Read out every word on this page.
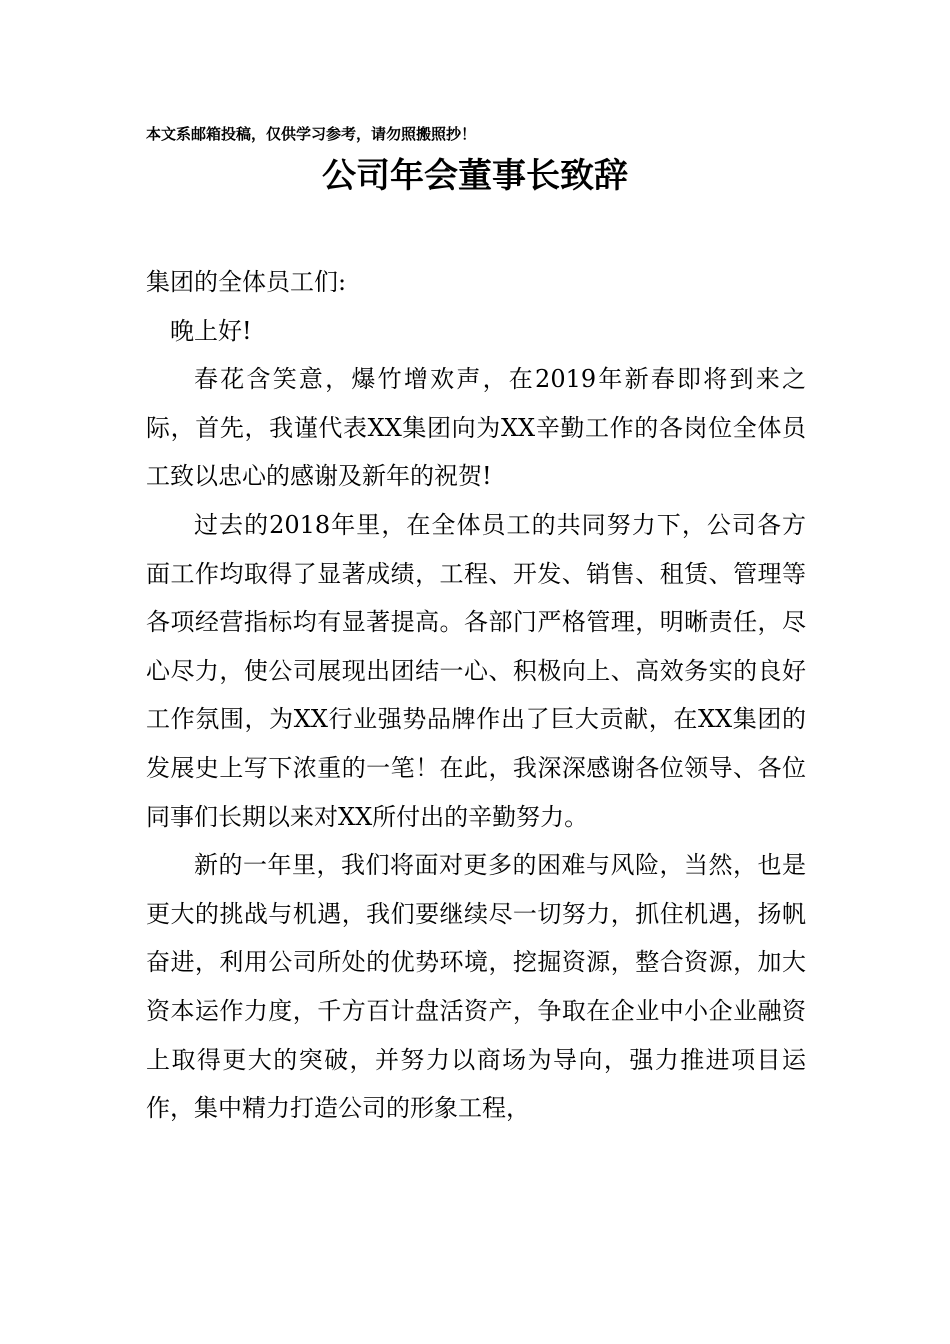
本文系邮箱投稿，仅供学习参考，请勿照搬照抄！
公司年会董事长致辞

集团的全体员工们:

晚上好!

春花含笑意，爆竹增欢声，在2019年新春即将到来之际，首先，我谨代表XX集团向为XX辛勤工作的各岗位全体员工致以忠心的感谢及新年的祝贺!

过去的2018年里，在全体员工的共同努力下，公司各方面工作均取得了显著成绩，工程、开发、销售、租赁、管理等各项经营指标均有显著提高。各部门严格管理，明晰责任，尽心尽力，使公司展现出团结一心、积极向上、高效务实的良好工作氛围，为XX行业强势品牌作出了巨大贡献，在XX集团的发展史上写下浓重的一笔！在此，我深深感谢各位领导、各位同事们长期以来对XX所付出的辛勤努力。

新的一年里，我们将面对更多的困难与风险，当然，也是更大的挑战与机遇，我们要继续尽一切努力，抓住机遇，扬帆奋进，利用公司所处的优势环境，挖掘资源，整合资源，加大资本运作力度，千方百计盘活资产，争取在企业中小企业融资上取得更大的突破，并努力以商场为导向，强力推进项目运作，集中精力打造公司的形象工程，
